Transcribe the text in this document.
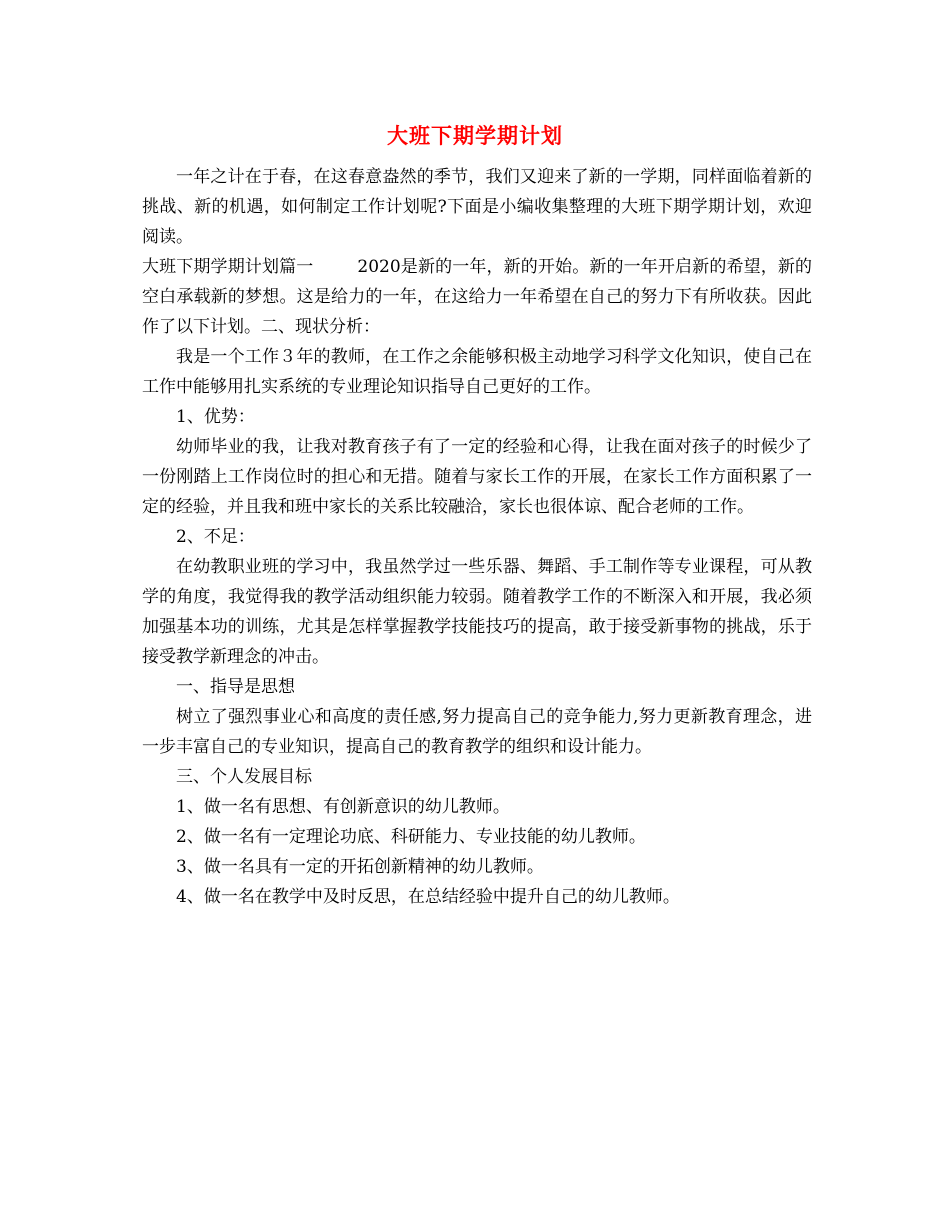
大班下期学期计划

一年之计在于春，在这春意盎然的季节，我们又迎来了新的一学期，同样面临着新的挑战、新的机遇，如何制定工作计划呢?下面是小编收集整理的大班下期学期计划，欢迎阅读。

大班下期学期计划篇一	2020是新的一年，新的开始。新的一年开启新的希望，新的空白承载新的梦想。这是给力的一年，在这给力一年希望在自己的努力下有所收获。因此作了以下计划。二、现状分析：

我是一个工作３年的教师，在工作之余能够积极主动地学习科学文化知识，使自己在工作中能够用扎实系统的专业理论知识指导自己更好的工作。

1、优势：

幼师毕业的我，让我对教育孩子有了一定的经验和心得，让我在面对孩子的时候少了一份刚踏上工作岗位时的担心和无措。随着与家长工作的开展，在家长工作方面积累了一定的经验，并且我和班中家长的关系比较融洽，家长也很体谅、配合老师的工作。

2、不足：

在幼教职业班的学习中，我虽然学过一些乐器、舞蹈、手工制作等专业课程，可从教学的角度，我觉得我的教学活动组织能力较弱。随着教学工作的不断深入和开展，我必须加强基本功的训练，尤其是怎样掌握教学技能技巧的提高，敢于接受新事物的挑战，乐于接受教学新理念的冲击。

一、指导是思想

树立了强烈事业心和高度的责任感,努力提高自己的竞争能力,努力更新教育理念，进一步丰富自己的专业知识，提高自己的教育教学的组织和设计能力。

三、个人发展目标

1、做一名有思想、有创新意识的幼儿教师。

2、做一名有一定理论功底、科研能力、专业技能的幼儿教师。

3、做一名具有一定的开拓创新精神的幼儿教师。

4、做一名在教学中及时反思，在总结经验中提升自己的幼儿教师。
